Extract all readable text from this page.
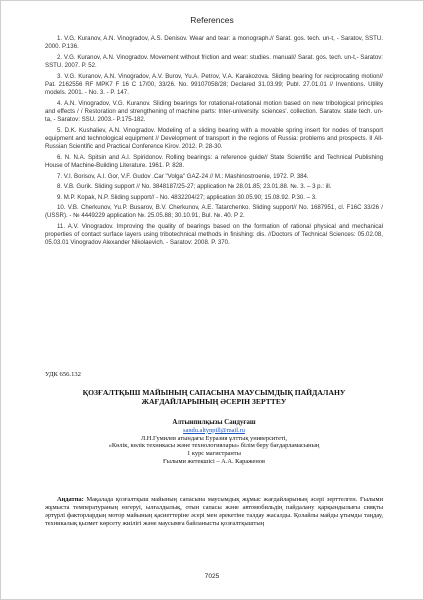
References

1. V.G. Kuranov, A.N. Vinogradov, A.S. Denisov. Wear and tear: a monograph.// Sarat. gos. tech. un-t, - Saratov, SSTU. 2000. P.136.

2. V.G. Kuranov, A.N. Vinogradov. Movement without friction and wear: studies. manual// Sarat. gos. tech. un-t,- Saratov: SSTU. 2007. P. 52.

3. V.G. Kuranov, A.N. Vinogradov, A.V. Burov, Yu.A. Petrov, V.A. Karakozova. Sliding bearing for reciprocating motion// Pat. 2162556 RF MPK7 F 16 C 17/00, 33/26. No. 99107058/28; Declared 31.03.99; Publ. 27.01.01 // Inventions. Utility models. 2001. - No. 3. - P. 147.

4. A.N. Vinogradov, V.G. Kuranov. Sliding bearings for rotational-rotational motion based on new tribological principles and effects / / Restoration and strengthening of machine parts: Inter-university. sciences'. collection. Saratov. state tech. un-ta, - Saratov: SSU. 2003.- P.175-182.

5. D.K. Kushaliev, A.N. Vinogradov. Modeling of a sliding bearing with a movable spring insert for nodes of transport equipment and technological equipment // Development of transport in the regions of Russia: problems and prospects. II All-Russian Scientific and Practical Conference Kirov. 2012. P. 28-30.

6. N. N.A. Spitsin and A.I. Spiridonov. Rolling bearings: a reference guide// State Scientific and Technical Publishing House of Machine-Building Literature. 1961. P. 828.

7. V.I. Borisov, A.I. Gor, V.F. Gudov .Car "Volga" GAZ-24 // M.: Mashinostroenie, 1972. P. 384.

8. V.B. Gurik. Sliding support // No. 3848187/25-27; application № 28.01.85; 23.01.88. №. 3. – 3 p.: ill.

9. M.P. Kopak, N.P. Sliding support// - No. 4832204/27; application 30.05.90; 15.08.92. P.30. – 3.

10. V.B. Cherkunov, Yu.P. Busarov, B.V. Cherkunov, A.E. Tatarchenko. Sliding support// No. 1687951, cl. F16C 33/26 / (USSR). - № 4449229 application №. 25.05.88; 30.10.91, Bul. №. 40. P 2.

11. A.V. Vinogradov. Improving the quality of bearings based on the formation of rational physical and mechanical properties of contact surface layers using tribotechnical methods in finishing: dis. //Doctors of Technical Sciences: 05.02.08, 05.03.01 Vinogradov Alexander Nikolaevich. - Saratov: 2008. P. 370.

УДК 656.132
ҚОЗҒАЛТҚЫШ МАЙЫНЫҢ САПАСЫНА МАУСЫМДЫҚ ПАЙДАЛАНУ
ЖАҒДАЙЛАРЫНЫҢ ӘСЕРІН ЗЕРТТЕУ
Алтынпилқызы Сандуғаш
sandu.altynpill@mail.ru
Л.Н.Гумилев атындағы Еуразия ұлттық университеті,
«Көлік, көлік техникасы және технологиялары» білім беру бағдарламасының
1 курс магистранты
Ғылыми жетекшісі – А.А. Караженов
Аңдатпа: Мақалада қозғалтқыш майының сапасына маусымдық жұмыс жағдайларының әсері зерттелген. Ғылыми жұмыста температураның өзгеруі, ылғалдылық, отын сапасы және автомобильдің пайдалану қарқындылығы сияқты әртүрлі факторлардың мотор майының қасиеттеріне әсері мен әрекетіне талдау жасалды. Қолайлы майды ұтымды таңдау, техникалық қызмет көрсету жиілігі және маусымға байланысты қозғалтқыштың
7025
